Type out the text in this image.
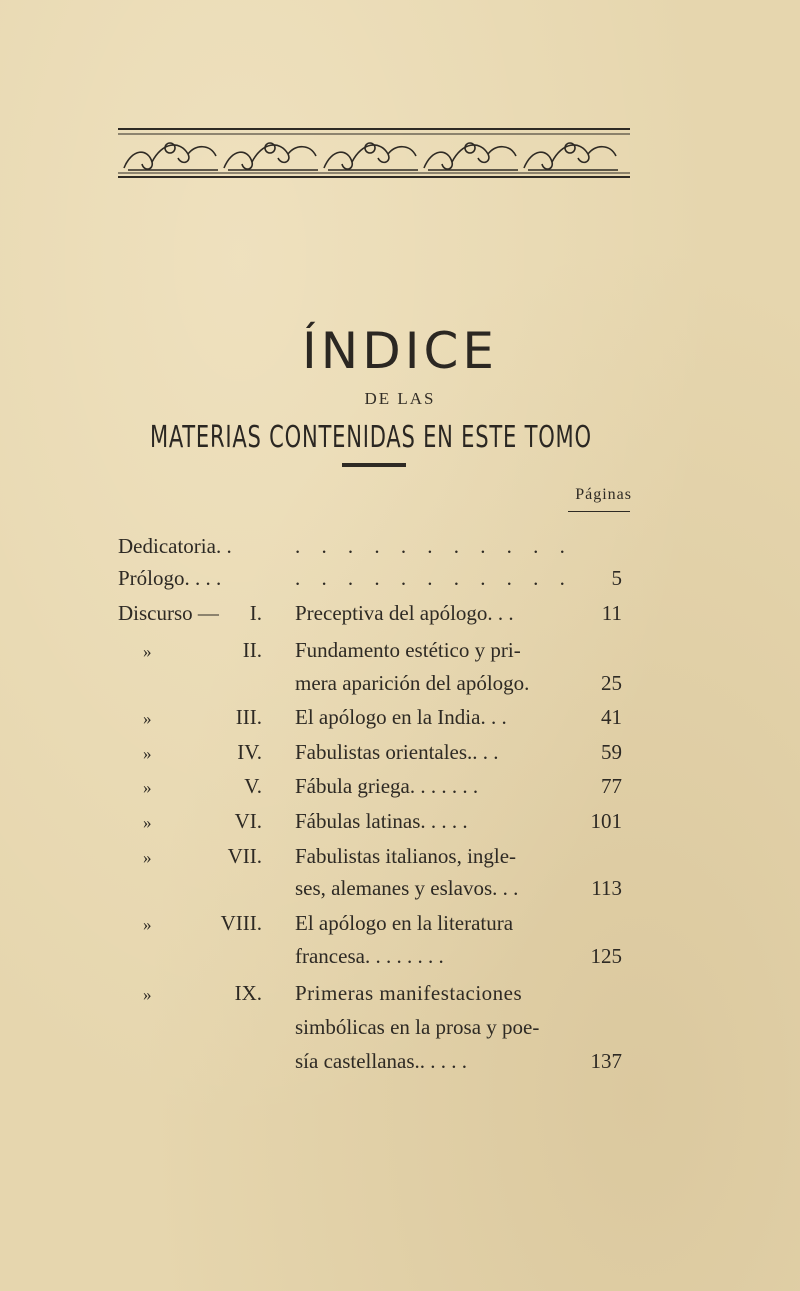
ÍNDICE
DE LAS
MATERIAS CONTENIDAS EN ESTE TOMO
Páginas
Dedicatoria. .	. . . . . . . . . . .
Prólogo. . . .	. . . . . . . . . . .	5
Discurso —	I. Preceptiva del apólogo. . .	11
»	II. Fundamento estético y pri-
mera aparición del apólogo.	25
»	III. El apólogo en la India. . .	41
»	IV. Fabulistas orientales.. . .	59
»	V. Fábula griega. . . . . . .	77
»	VI. Fábulas latinas. . . . .	101
»	VII. Fabulistas italianos, ingle-
ses, alemanes y eslavos. . .	113
»	VIII. El apólogo en la literatura
francesa. . . . . . . .	125
»	IX. Primeras manifestaciones
simbólicas en la prosa y poe-
sía castellanas.. . . . .	137
